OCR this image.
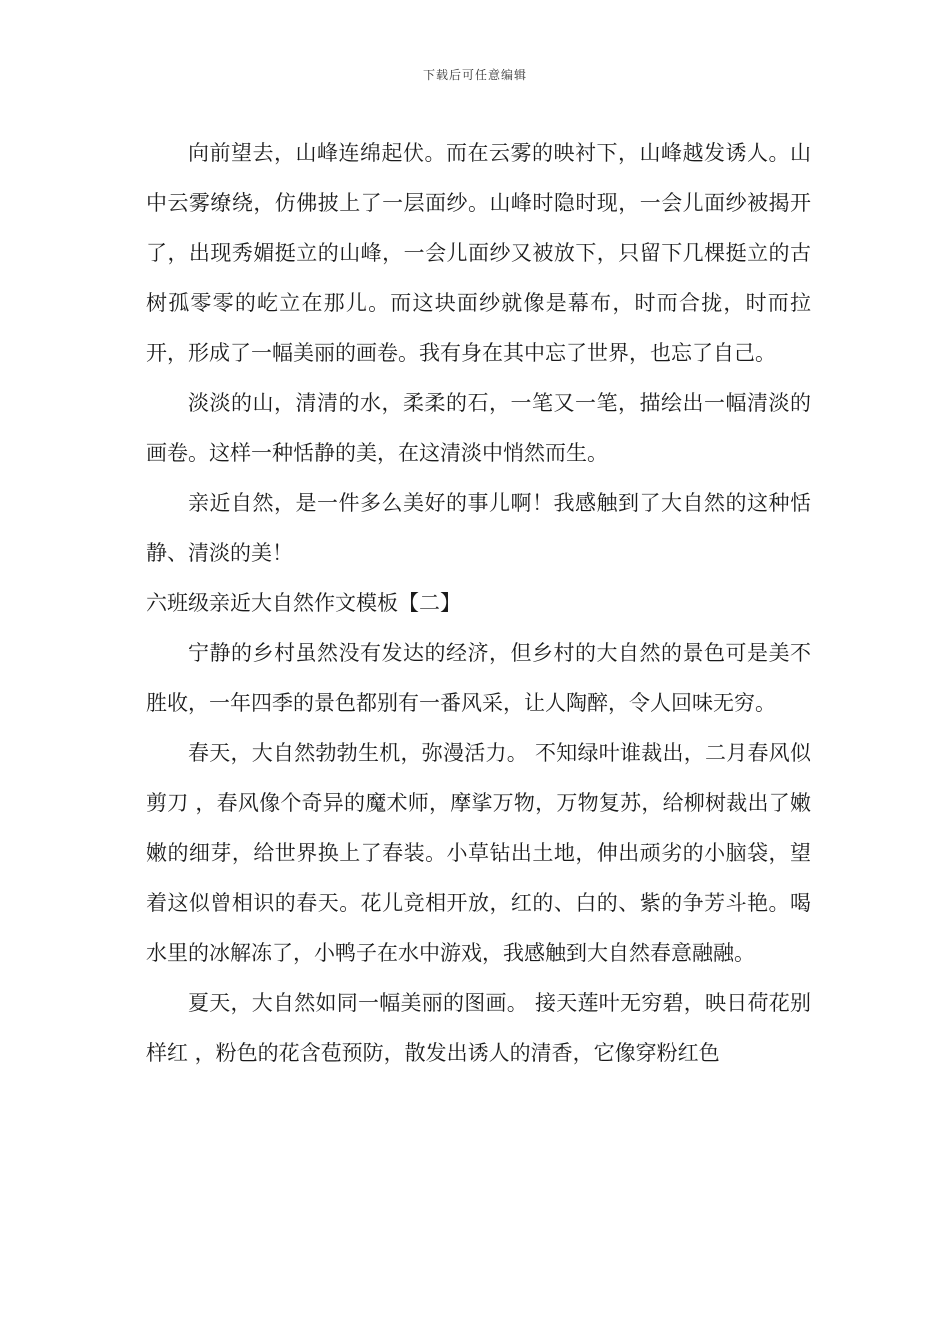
下载后可任意编辑

向前望去，山峰连绵起伏。而在云雾的映衬下，山峰越发诱人。山中云雾缭绕，仿佛披上了一层面纱。山峰时隐时现，一会儿面纱被揭开了，出现秀媚挺立的山峰，一会儿面纱又被放下，只留下几棵挺立的古树孤零零的屹立在那儿。而这块面纱就像是幕布，时而合拢，时而拉开，形成了一幅美丽的画卷。我有身在其中忘了世界，也忘了自己。

淡淡的山，清清的水，柔柔的石，一笔又一笔，描绘出一幅清淡的画卷。这样一种恬静的美，在这清淡中悄然而生。

亲近自然，是一件多么美好的事儿啊！我感触到了大自然的这种恬静、清淡的美！

六班级亲近大自然作文模板【二】

宁静的乡村虽然没有发达的经济，但乡村的大自然的景色可是美不胜收，一年四季的景色都别有一番风采，让人陶醉，令人回味无穷。

春天，大自然勃勃生机，弥漫活力。 不知绿叶谁裁出，二月春风似剪刀 ，春风像个奇异的魔术师，摩挲万物，万物复苏，给柳树裁出了嫩嫩的细芽，给世界换上了春装。小草钻出土地，伸出顽劣的小脑袋，望着这似曾相识的春天。花儿竞相开放，红的、白的、紫的争芳斗艳。喝水里的冰解冻了，小鸭子在水中游戏，我感触到大自然春意融融。

夏天，大自然如同一幅美丽的图画。 接天莲叶无穷碧，映日荷花别样红 ，粉色的花含苞预防，散发出诱人的清香，它像穿粉红色
